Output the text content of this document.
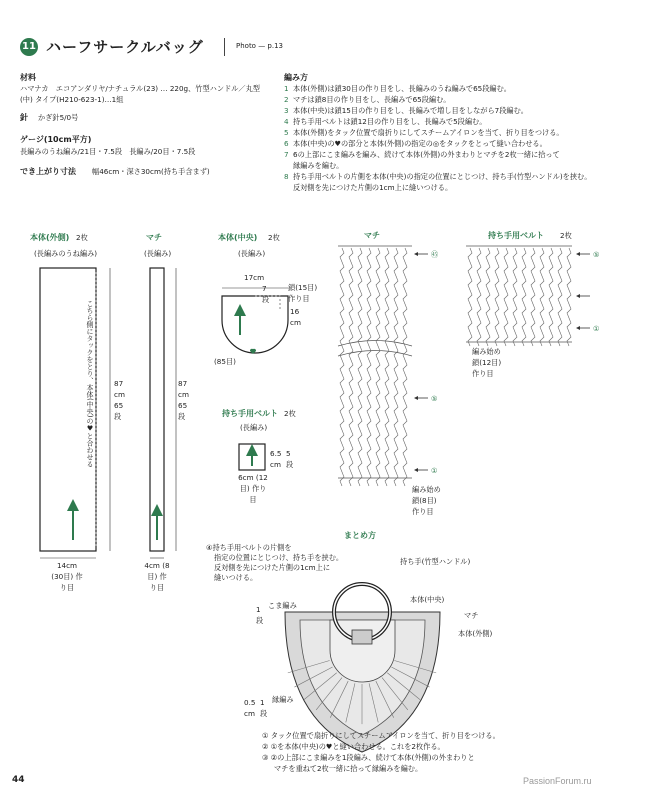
11 ハーフサークルバッグ	Photo — p.13
材料
ハマナカ　エコアンダリヤ/ナチュラル(23) … 220g、竹型ハンドル／丸型
(中) タイプ(H210-623-1)…1組
針 かぎ針5/0号
ゲージ(10cm平方)
長編みのうね編み/21目・7.5段　長編み/20目・7.5段
でき上がり寸法 幅46cm・深さ30cm(持ち手含まず)
編み方
1 本体(外側)は鎖30目の作り目をし、長編みのうね編みで65段編む。
2 マチは鎖8目の作り目をし、長編みで65段編む。
3 本体(中央)は鎖15目の作り目をし、長編みで増し目をしながら7段編む。
4 持ち手用ベルトは鎖12目の作り目をし、長編みで5段編む。
5 本体(外側)をタック位置で扇折りにしてスチームアイロンを当て、折り目をつける。
6 本体(中央)の♥の部分と本体(外側)の指定の◎をタックをとって縫い合わせる。
7 6の上部にこま編みを編み、続けて本体(外側)の外まわりとマチを2枚一緒に拾って
縁編みを編む。
8 持ち手用ベルトの片側を本体(中央)の指定の位置にとじつけ、持ち手(竹型ハンドル)を挟む。
反対側を先につけた片側の1cm上に縫いつける。
本体(外側) 2枚
(長編みのうね編み)
87 cm 65 段
14cm (30目) 作り目
こちら側にタックをとり、本体(中央)の♥と合わせる
マチ
(長編み)
87 cm 65 段
4cm (8目) 作り目
本体(中央) 2枚
(長編み)
17cm
7 段
鎖(15目) 作り目
16 cm
(85目)
持ち手用ベルト 2枚
(長編み)
6.5 cm
5 段
6cm (12目) 作り目
マチ
㊺
⑤
①
編み始め 鎖(8目) 作り目
持ち手用ベルト 2枚
⑤
①
編み始め 鎖(12目) 作り目
まとめ方
④持ち手用ベルトの片側を
指定の位置にとじつけ、持ち手を挟む。
反対側を先につけた片側の1cm上に
縫いつける。
持ち手(竹型ハンドル)
本体(中央)
マチ
本体(外側)
こま編み
1 段
縁編み
0.5 cm
1 段
① タック位置で扇折りにしてスチームアイロンを当て、折り目をつける。
② ①を本体(中央)の♥と縫い合わせる。これを2枚作る。
③ ②の上部にこま編みを1段編み、続けて本体(外側)の外まわりと
マチを重ねて2枚一緒に拾って縁編みを編む。
44	PassionForum.ru
